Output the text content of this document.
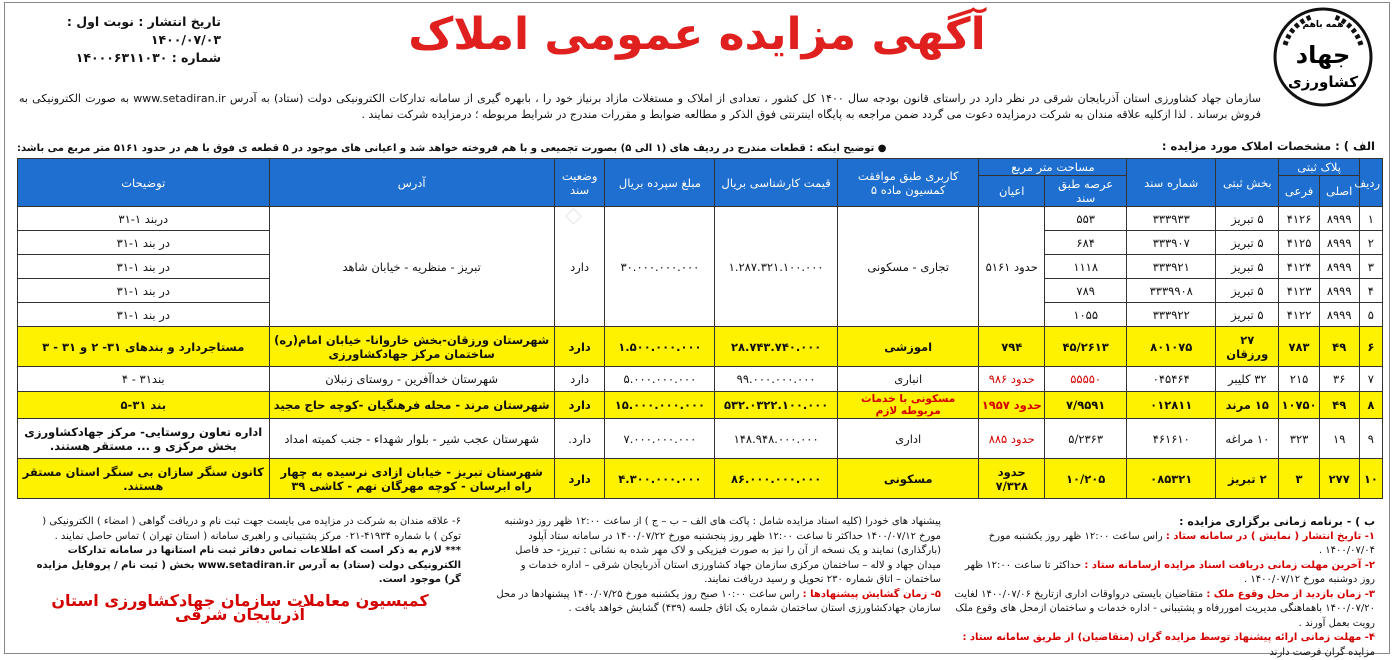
آگهی مزایده عمومی املاک
تاریخ انتشار : نوبت اول : ۱۴۰۰/۰۷/۰۳
شماره : ۱۴۰۰۰۶۳۱۱۰۳۰
همه باهم
جهاد
کشاورزی
سازمان جهاد کشاورزی استان آذربایجان شرقی در نظر دارد در راستای قانون بودجه سال ۱۴۰۰ کل کشور ، تعدادی از املاک و مستغلات مازاد برنیاز خود را ، بابهره گیری از سامانه تدارکات الکترونیکی دولت (ستاد) به آدرس www.setadiran.ir به صورت الکترونیکی به فروش برساند . لذا ازکلیه علاقه مندان به شرکت درمزایده دعوت می گردد ضمن مراجعه به پایگاه اینترنتی فوق الذکر و مطالعه ضوابط و مقررات مندرج در شرایط مربوطه ؛ درمزایده شرکت نمایند .
الف ) : مشخصات املاک مورد مزایده :
● توضیح اینکه : قطعات مندرج در ردیف های (۱ الی ۵) بصورت تجمیعی و با هم فروخته خواهد شد و اعیانی های موجود در ۵ قطعه ی فوق با هم در حدود ۵۱۶۱ متر مربع می باشد:
◇
ردیف	پلاک ثبتی		بخش ثبتی	شماره سند	مساحت متر مربع		کاربری طبق موافقت کمسیون ماده ۵	قیمت کارشناسی بریال	مبلغ سپرده بریال	وضعیت سند	آدرس	توضیحات
	اصلی	فرعی			عرصه طبق سند	اعیان						
۱	۸۹۹۹	۴۱۲۶	۵ تبریز	۳۳۳۹۳۳	۵۵۳	حدود ۵۱۶۱	تجاری - مسکونی	۱.۲۸۷.۳۲۱.۱۰۰.۰۰۰	۳۰.۰۰۰.۰۰۰.۰۰۰	دارد	تبریز - منظریه - خیابان شاهد	دربند ۱-۳۱
۲	۸۹۹۹	۴۱۲۵	۵ تبریز	۳۳۳۹۰۷	۶۸۴							در بند ۱-۳۱
۳	۸۹۹۹	۴۱۲۴	۵ تبریز	۳۳۳۹۲۱	۱۱۱۸							در بند ۱-۳۱
۴	۸۹۹۹	۴۱۲۳	۵ تبریز	۳۳۳۹۹۰۸	۷۸۹							در بند ۱-۳۱
۵	۸۹۹۹	۴۱۲۲	۵ تبریز	۳۳۳۹۲۲	۱۰۵۵							در بند ۱-۳۱
۶	۴۹	۷۸۳	۲۷ ورزقان	۸۰۱۰۷۵	۴۵/۲۶۱۳	۷۹۴	اموزشی	۲۸.۷۴۳.۷۴۰.۰۰۰	۱.۵۰۰.۰۰۰.۰۰۰	دارد	شهرستان ورزقان-بخش خاروانا- خیابان امام(ره) ساختمان مرکز جهادکشاورزی	مستاجردارد و بندهای ۳۱- ۲ و ۳۱ - ۳
۷	۳۶	۲۱۵	۳۲ کلیبر	۰۴۵۴۶۴	۵۵۵۵۰	حدود ۹۸۶	انباری	۹۹.۰۰۰.۰۰۰.۰۰۰	۵.۰۰۰.۰۰۰.۰۰۰	دارد	شهرستان خداآفرین - روستای زنبلان	بند۳۱ - ۴
۸	۴۹	۱۰۷۵۰	۱۵ مرند	۰۱۲۸۱۱	۷/۹۵۹۱	حدود ۱۹۵۷	مسکونی با خدمات مربوطه لازم	۵۳۲.۰۳۲۲.۱۰۰.۰۰۰	۱۵.۰۰۰.۰۰۰.۰۰۰	دارد	شهرستان مرند - محله فرهنگیان -کوچه حاج مجید	بند ۳۱-۵
۹	۱۹	۳۲۳	۱۰ مراغه	۴۶۱۶۱۰	۵/۲۳۶۳	حدود ۸۸۵	اداری	۱۴۸.۹۴۸.۰۰۰.۰۰۰	۷.۰۰۰.۰۰۰.۰۰۰	دارد.	شهرستان عجب شیر - بلوار شهداء - جنب کمیته امداد	اداره تعاون روستایی- مرکز جهادکشاورزی بخش مرکزی و ... مستقر هستند.
۱۰	۲۷۷	۳	۲ تبریز	۰۸۵۳۲۱	۱۰/۲۰۵	حدود ۷/۳۲۸	مسکونی	۸۶.۰۰۰.۰۰۰.۰۰۰	۴.۳۰۰.۰۰۰.۰۰۰	دارد	شهرستان تبریز - خیابان ازادی نرسیده به چهار راه ابرسان - کوچه مهرگان نهم - کاشی ۳۹	کانون سنگر سازان بی سنگر استان مستقر هستند.
ب ) - برنامه زمانی برگزاری مزایده :
۱- تاریخ انتشار ( نمایش ) در سامانه ستاد : راس ساعت ۱۲:۰۰ ظهر روز یکشنبه مورخ ۱۴۰۰/۰۷/۰۴ .
۲- آخرین مهلت زمانی دریافت اسناد مزایده ازسامانه ستاد : حداکثر تا ساعت ۱۲:۰۰ ظهر روز دوشنبه مورخ ۱۴۰۰/۰۷/۱۲ .
۳- زمان بازدید از محل وقوع ملک : متقاضیان بایستی درواوقات اداری ازتاریخ ۱۴۰۰/۰۷/۰۶ لغایت ۱۴۰۰/۰۷/۲۰ باهماهنگی مدیریت اموررفاه و پشتیبانی - اداره خدمات و ساختمان ازمحل های وقوع ملک رویت بعمل آورند .
۴- مهلت زمانی ارائه پیشنهاد توسط مزایده گران (متقاضیان) از طریق سامانه ستاد : مزایده گران فرصت دارند
پیشنهاد های خودرا (کلیه اسناد مزایده شامل : پاکت های الف – ب – ج ) از ساعت ۱۲:۰۰ ظهر روز دوشنبه مورخ ۱۴۰۰/۰۷/۱۲ حداکثر تا ساعت ۱۲:۰۰ ظهر روز پنجشنبه مورخ ۱۴۰۰/۰۷/۲۲ در سامانه ستاد آپلود (بارگذاری) نمایند و یک نسخه از آن را نیز به صورت فیزیکی و لاک مهر شده به نشانی : تبریز- حد فاصل میدان جهاد و لاله – ساختمان مرکزی سازمان جهاد کشاورزی استان آذربایجان شرقی – اداره خدمات و ساختمان – اتاق شماره ۲۳۰ تحویل و رسید دریافت نمایند.
۵- زمان گشایش پیشنهادها : راس ساعت ۱۰:۰۰ صبح روز یکشنبه مورخ ۱۴۰۰/۰۷/۲۵ پیشنهادها در محل سازمان جهادکشاورزی استان ساختمان شماره یک اتاق جلسه (۴۳۹) گشایش خواهد یافت .
۶- علاقه مندان به شرکت در مزایده می بایست جهت ثبت نام و دریافت گواهی ( امضاء ) الکترونیکی ( توکن ) با شماره ۴۱۹۳۴-۰۲۱ مرکز پشتیبانی و راهبری سامانه ( استان تهران ) تماس حاصل نمایند .
*** لازم به ذکر است که اطلاعات تماس دفاتر ثبت نام استانها در سامانه تدارکات الکترونیکی دولت (ستاد) به آدرس www.setadiran.ir بخش ( ثبت نام / پروفایل مزایده گر) موجود است.
کمیسیون معاملات سازمان جهادکشاورزی استان آذربایجان شرقی
